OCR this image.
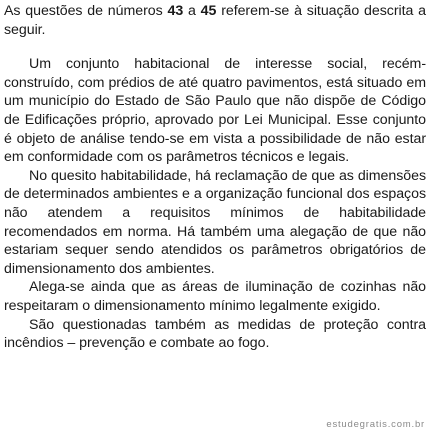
As questões de números 43 a 45 referem-se à situação descrita a seguir.

Um conjunto habitacional de interesse social, recém-construído, com prédios de até quatro pavimentos, está situado em um município do Estado de São Paulo que não dispõe de Código de Edificações próprio, aprovado por Lei Municipal. Esse conjunto é objeto de análise tendo-se em vista a possibilidade de não estar em conformidade com os parâmetros técnicos e legais.

No quesito habitabilidade, há reclamação de que as dimensões de determinados ambientes e a organização funcional dos espaços não atendem a requisitos mínimos de habitabilidade recomendados em norma. Há também uma alegação de que não estariam sequer sendo atendidos os parâmetros obrigatórios de dimensionamento dos ambientes.

Alega-se ainda que as áreas de iluminação de cozinhas não respeitaram o dimensionamento mínimo legalmente exigido.

São questionadas também as medidas de proteção contra incêndios – prevenção e combate ao fogo.

estudegratis.com.br
